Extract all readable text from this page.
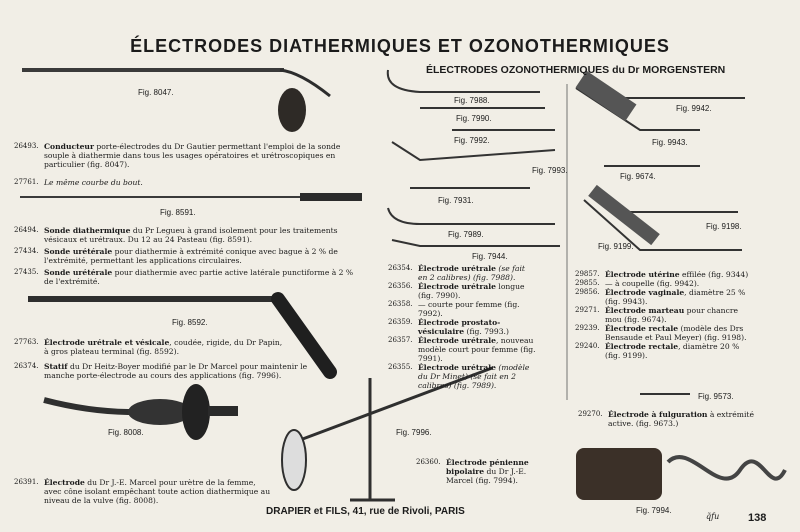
ÉLECTRODES DIATHERMIQUES ET OZONOTHERMIQUES
ÉLECTRODES OZONOTHERMIQUES du Dr MORGENSTERN
Fig. 8047.
Fig. 8591.
Fig. 8592.
Fig. 8008.	Fig. 7996.
Fig. 7988.
Fig. 7990.
Fig. 7992.
Fig. 7993.
Fig. 7931.
Fig. 7989.
Fig. 7944.
Fig. 9942.
Fig. 9943.
Fig. 9674.
Fig. 9198.
Fig. 9199.
Fig. 9573.
Fig. 7994.
26493. Conducteur porte-électrodes du Dr Gautier permettant l'emploi de la sonde souple à diathermie dans tous les usages opératoires et urétroscopiques en particulier (fig. 8047).
27761. Le même courbe du bout.
26494. Sonde diathermique du Pr Legueu à grand isolement pour les traitements vésicaux et urétraux. Du 12 au 24 Pasteau (fig. 8591).
27434. Sonde urétérale pour diathermie à extrémité conique avec bague à 2 % de l'extrémité, permettant les applications circulaires.
27435. Sonde urétérale pour diathermie avec partie active latérale punctiforme à 2 % de l'extrémité.
27763. Électrode urétrale et vésicale, coudée, rigide, du Dr Papin, à gros plateau terminal (fig. 8592).
26374. Statif du Dr Heitz-Boyer modifié par le Dr Marcel pour maintenir le manche porte-électrode au cours des applications (fig. 7996).
26391. Électrode du Dr J.-E. Marcel pour urètre de la femme, avec cône isolant empêchant toute action diathermique au niveau de la vulve (fig. 8008).
26354. Électrode urétrale (se fait en 2 calibres) (fig. 7988).
26356. Électrode urétrale longue (fig. 7990).
26358. — courte pour femme (fig. 7992).
26359. Électrode prostato-vésiculaire (fig. 7993.)
26357. Électrode urétrale, nouveau modèle court pour femme (fig. 7991).
26355. Électrode urétrale (modèle du Dr Minet) (se fait en 2 calibres) (fig. 7989).
29857. Électrode utérine effilée (fig. 9344)
29855. — à coupelle (fig. 9942).
29856. Électrode vaginale, diamètre 25 %
(fig. 9943).
29271. Électrode marteau pour chancre mou (fig. 9674).
29239. Électrode rectale (modèle des Drs Bensaude et Paul Meyer) (fig. 9198).
29240. Électrode rectale, diamètre 20 % (fig. 9199).
29270. Électrode à fulguration à extrémité active. (fig. 9673.)
26360. Électrode pénienne bipolaire du Dr J.-E. Marcel (fig. 7994).
DRAPIER et FILS, 41, rue de Rivoli, PARIS	q̃fu	138
